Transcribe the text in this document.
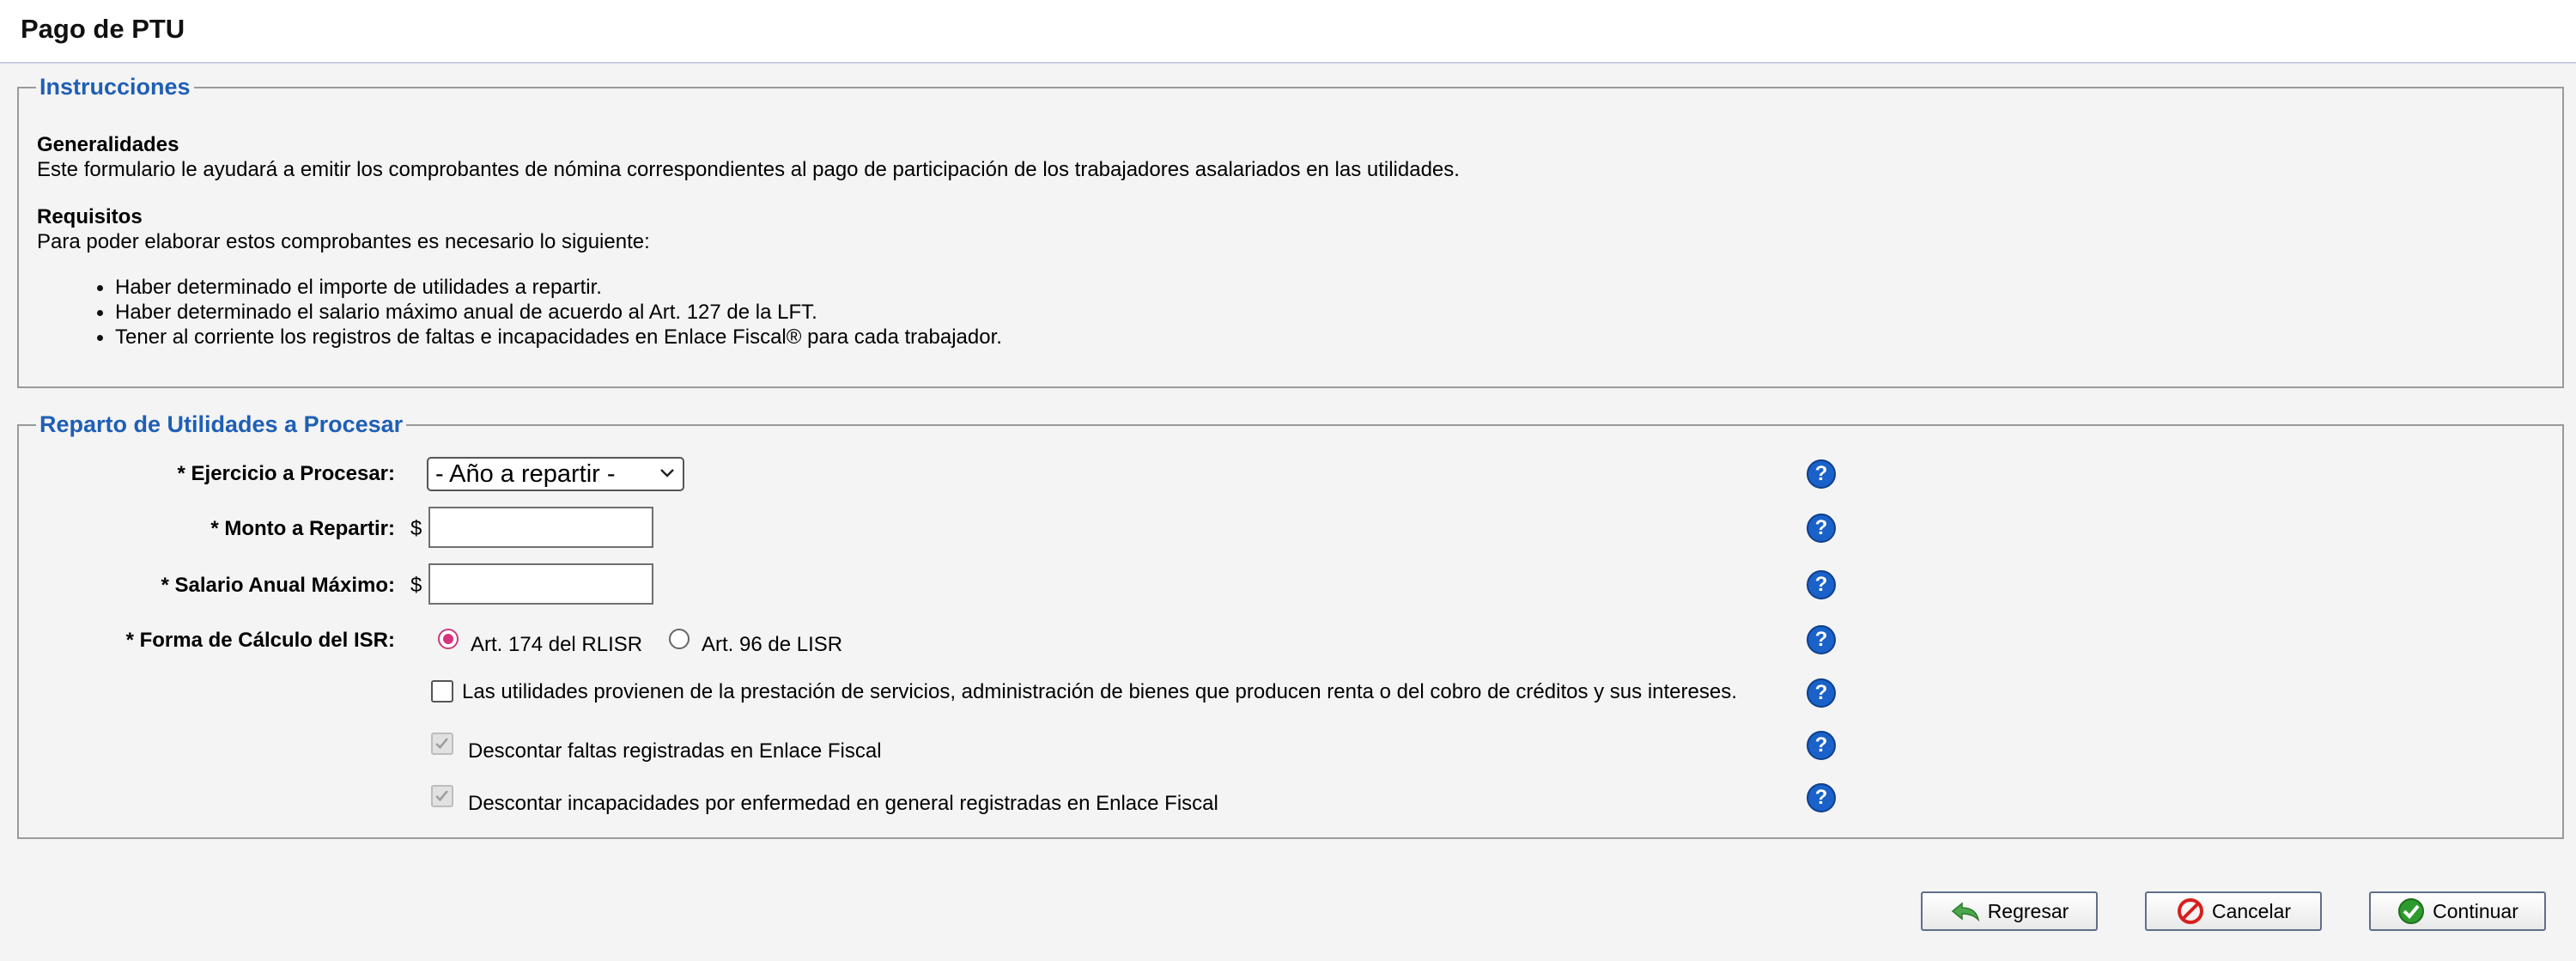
Pago de PTU
Instrucciones
Generalidades
Este formulario le ayudará a emitir los comprobantes de nómina correspondientes al pago de participación de los trabajadores asalariados en las utilidades.
Requisitos
Para poder elaborar estos comprobantes es necesario lo siguiente:
Haber determinado el importe de utilidades a repartir.
Haber determinado el salario máximo anual de acuerdo al Art. 127 de la LFT.
Tener al corriente los registros de faltas e incapacidades en Enlace Fiscal® para cada trabajador.
Reparto de Utilidades a Procesar
* Ejercicio a Procesar:	- Año a repartir -	?
* Monto a Repartir: $	?
* Salario Anual Máximo: $	?
* Forma de Cálculo del ISR:	Art. 174 del RLISR	Art. 96 de LISR	?
Las utilidades provienen de la prestación de servicios, administración de bienes que producen renta o del cobro de créditos y sus intereses.	?
Descontar faltas registradas en Enlace Fiscal	?
Descontar incapacidades por enfermedad en general registradas en Enlace Fiscal	?
Regresar	Cancelar	Continuar
